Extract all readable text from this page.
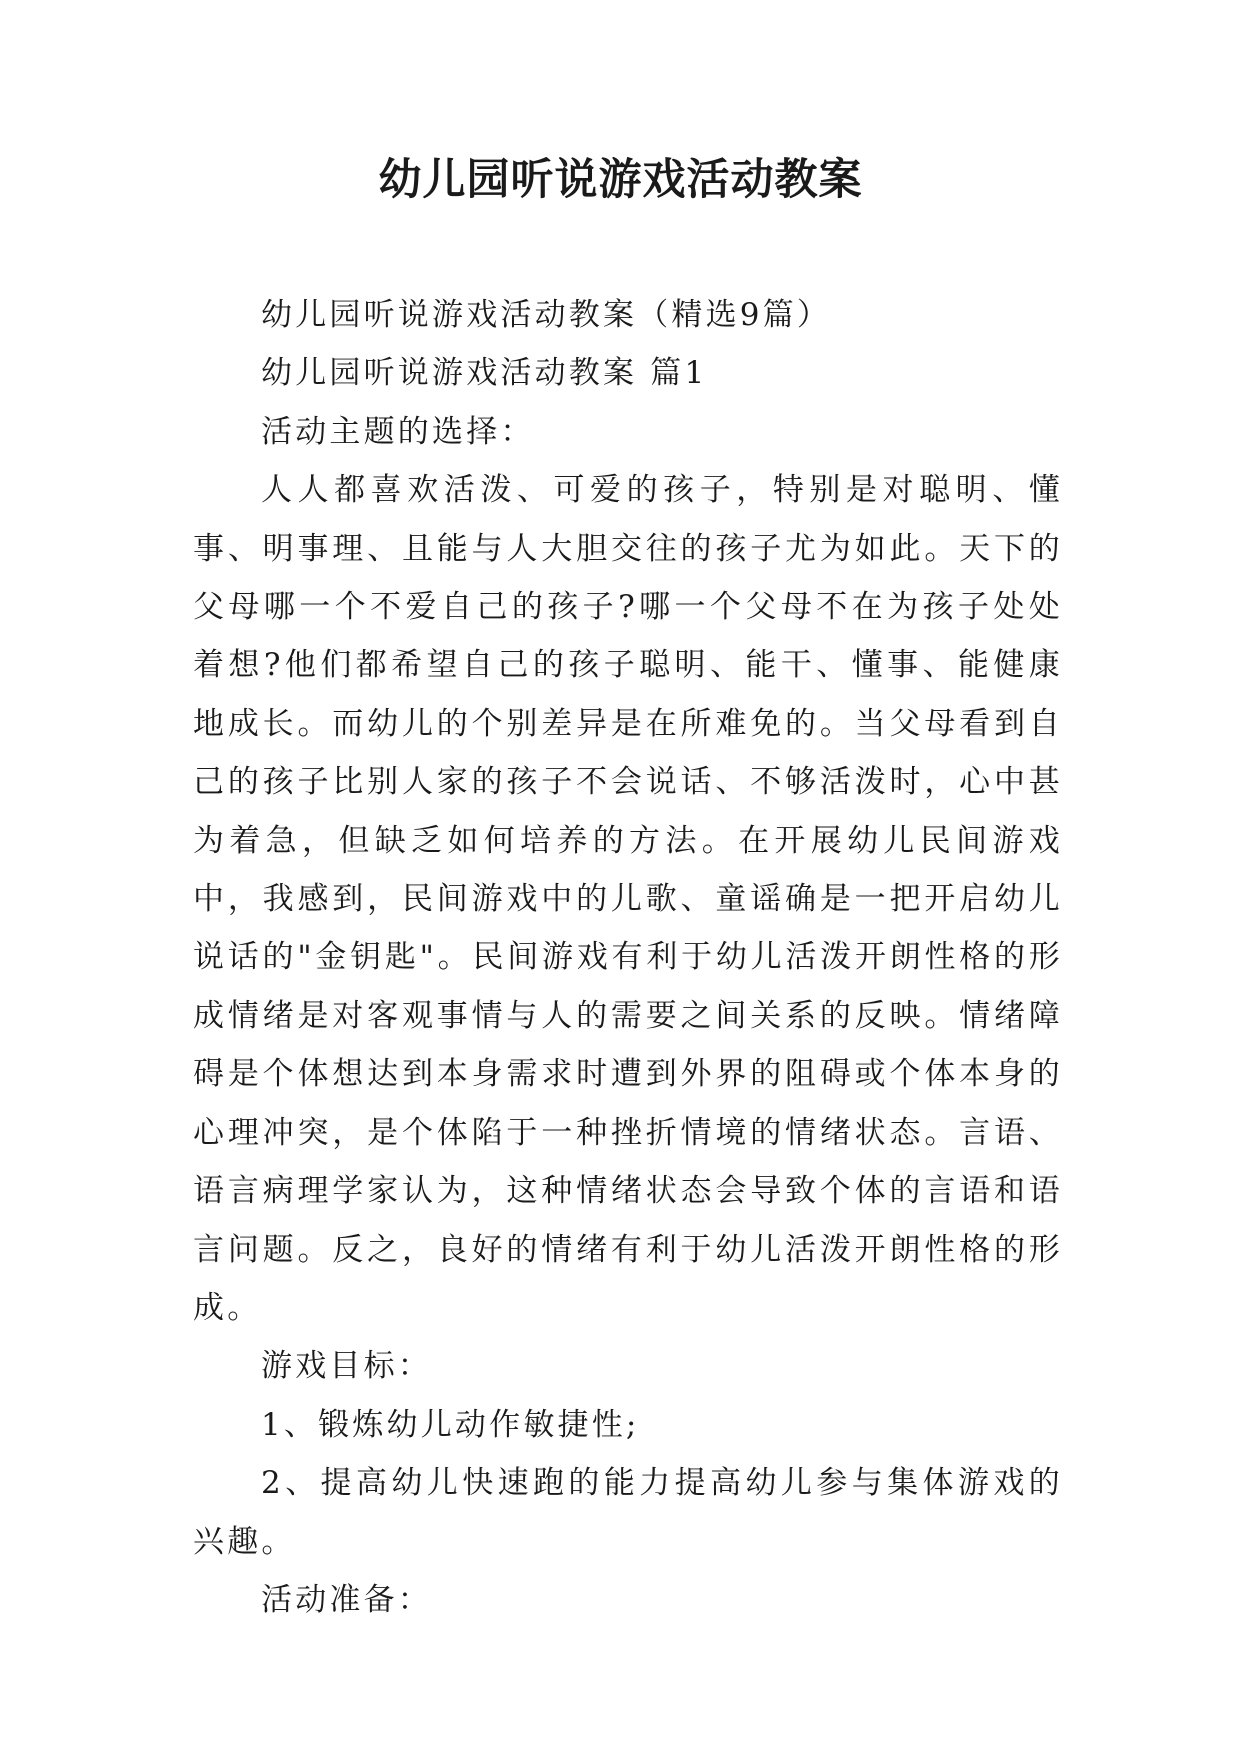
幼儿园听说游戏活动教案

幼儿园听说游戏活动教案（精选9篇）

幼儿园听说游戏活动教案 篇1

活动主题的选择：

人人都喜欢活泼、可爱的孩子，特别是对聪明、懂事、明事理、且能与人大胆交往的孩子尤为如此。天下的父母哪一个不爱自己的孩子?哪一个父母不在为孩子处处着想?他们都希望自己的孩子聪明、能干、懂事、能健康地成长。而幼儿的个别差异是在所难免的。当父母看到自己的孩子比别人家的孩子不会说话、不够活泼时，心中甚为着急，但缺乏如何培养的方法。在开展幼儿民间游戏中，我感到，民间游戏中的儿歌、童谣确是一把开启幼儿说话的"金钥匙"。民间游戏有利于幼儿活泼开朗性格的形成情绪是对客观事情与人的需要之间关系的反映。情绪障碍是个体想达到本身需求时遭到外界的阻碍或个体本身的心理冲突，是个体陷于一种挫折情境的情绪状态。言语、语言病理学家认为，这种情绪状态会导致个体的言语和语言问题。反之，良好的情绪有利于幼儿活泼开朗性格的形成。

游戏目标：

1、锻炼幼儿动作敏捷性;

2、提高幼儿快速跑的能力提高幼儿参与集体游戏的兴趣。

活动准备：
